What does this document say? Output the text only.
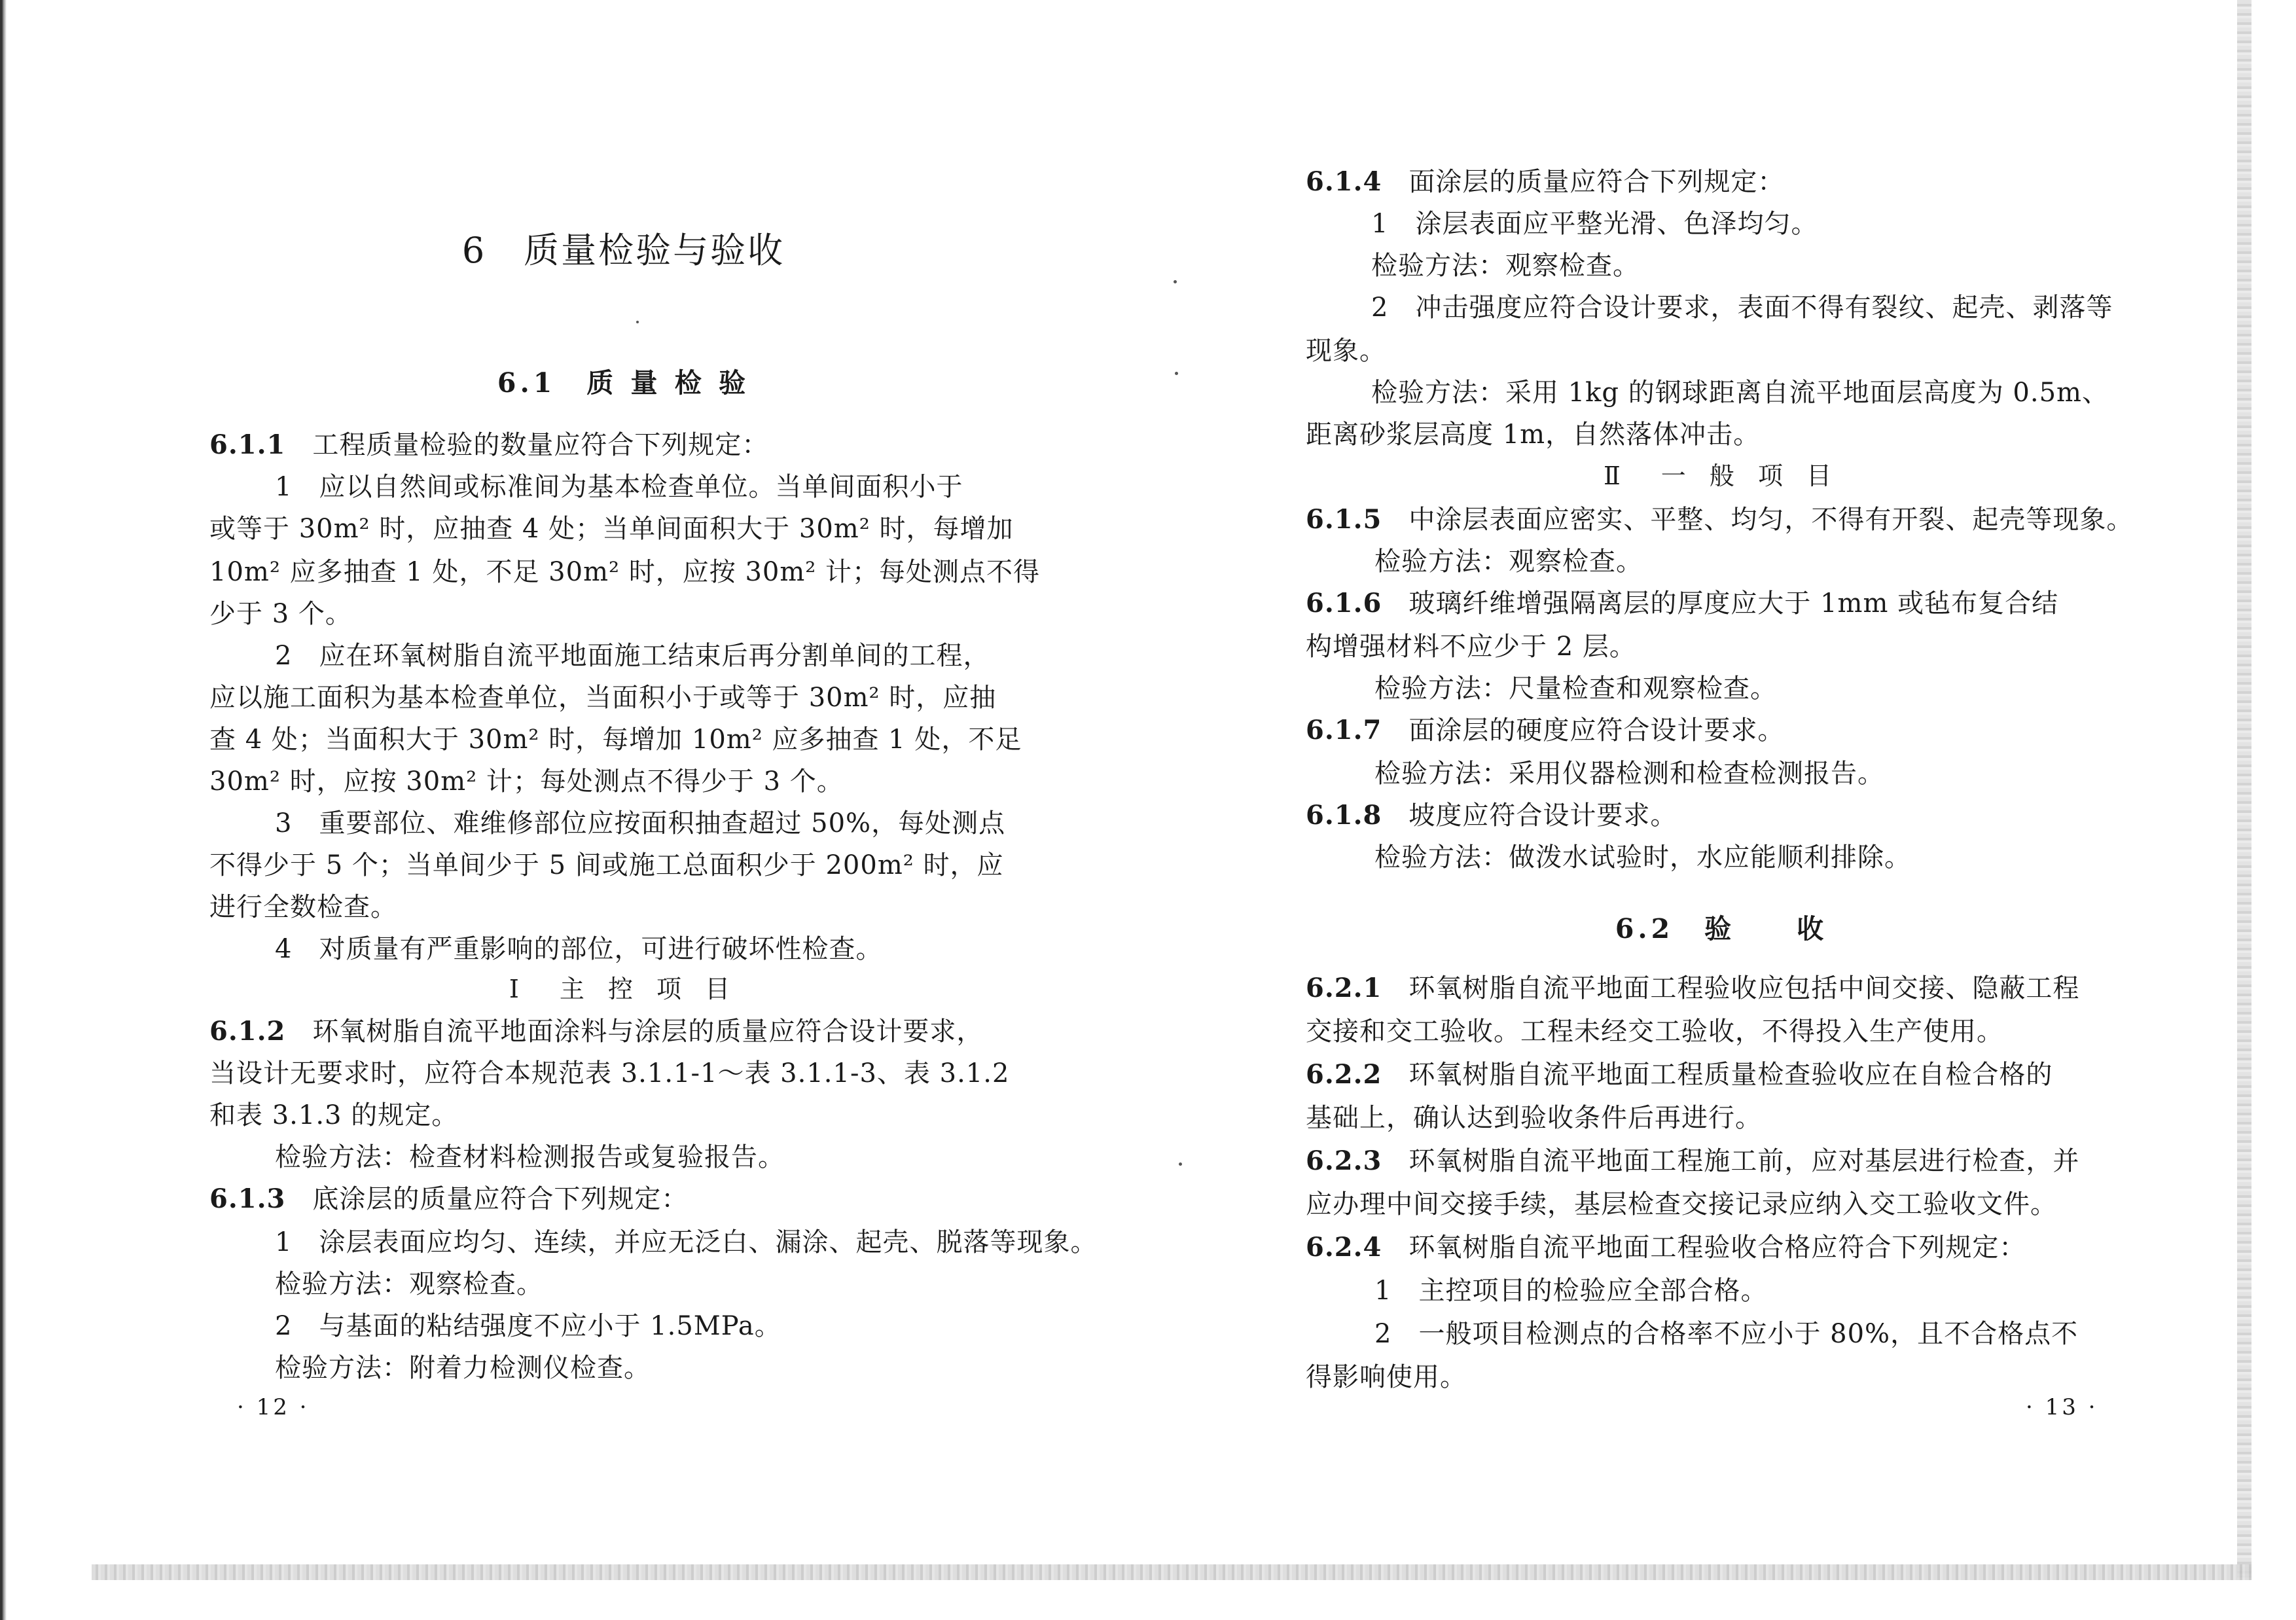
6　质量检验与验收
6.1　质 量 检 验
6.1.1　 工程质量检验的数量应符合下列规定：
1　应以自然间或标准间为基本检查单位。当单间面积小于
或等于 30m² 时，应抽查 4 处；当单间面积大于 30m² 时，每增加
10m² 应多抽查 1 处，不足 30m² 时，应按 30m² 计；每处测点不得
少于 3 个。
2　应在环氧树脂自流平地面施工结束后再分割单间的工程，
应以施工面积为基本检查单位，当面积小于或等于 30m² 时，应抽
查 4 处；当面积大于 30m² 时，每增加 10m² 应多抽查 1 处，不足
30m² 时，应按 30m² 计；每处测点不得少于 3 个。
3　重要部位、难维修部位应按面积抽查超过 50%，每处测点
不得少于 5 个；当单间少于 5 间或施工总面积少于 200m² 时，应
进行全数检查。
4　对质量有严重影响的部位，可进行破坏性检查。
Ⅰ　主 控 项 目
6.1.2　 环氧树脂自流平地面涂料与涂层的质量应符合设计要求，
当设计无要求时，应符合本规范表 3.1.1-1～表 3.1.1-3、表 3.1.2
和表 3.1.3 的规定。
检验方法：检查材料检测报告或复验报告。
6.1.3　 底涂层的质量应符合下列规定：
1　涂层表面应均匀、连续，并应无泛白、漏涂、起壳、脱落等现象。
检验方法：观察检查。
2　与基面的粘结强度不应小于 1.5MPa。
检验方法：附着力检测仪检查。
· 12 ·
6.1.4　 面涂层的质量应符合下列规定：
1　涂层表面应平整光滑、色泽均匀。
检验方法：观察检查。
2　冲击强度应符合设计要求，表面不得有裂纹、起壳、剥落等
现象。
检验方法：采用 1kg 的钢球距离自流平地面层高度为 0.5m、
距离砂浆层高度 1m，自然落体冲击。
Ⅱ　一 般 项 目
6.1.5　 中涂层表面应密实、平整、均匀，不得有开裂、起壳等现象。
检验方法：观察检查。
6.1.6　 玻璃纤维增强隔离层的厚度应大于 1mm 或毡布复合结
构增强材料不应少于 2 层。
检验方法：尺量检查和观察检查。
6.1.7　 面涂层的硬度应符合设计要求。
检验方法：采用仪器检测和检查检测报告。
6.1.8　 坡度应符合设计要求。
检验方法：做泼水试验时，水应能顺利排除。
6.2　验　　收
6.2.1　 环氧树脂自流平地面工程验收应包括中间交接、隐蔽工程
交接和交工验收。工程未经交工验收，不得投入生产使用。
6.2.2　 环氧树脂自流平地面工程质量检查验收应在自检合格的
基础上，确认达到验收条件后再进行。
6.2.3　 环氧树脂自流平地面工程施工前，应对基层进行检查，并
应办理中间交接手续，基层检查交接记录应纳入交工验收文件。
6.2.4　 环氧树脂自流平地面工程验收合格应符合下列规定：
1　主控项目的检验应全部合格。
2　一般项目检测点的合格率不应小于 80%，且不合格点不
得影响使用。
· 13 ·
